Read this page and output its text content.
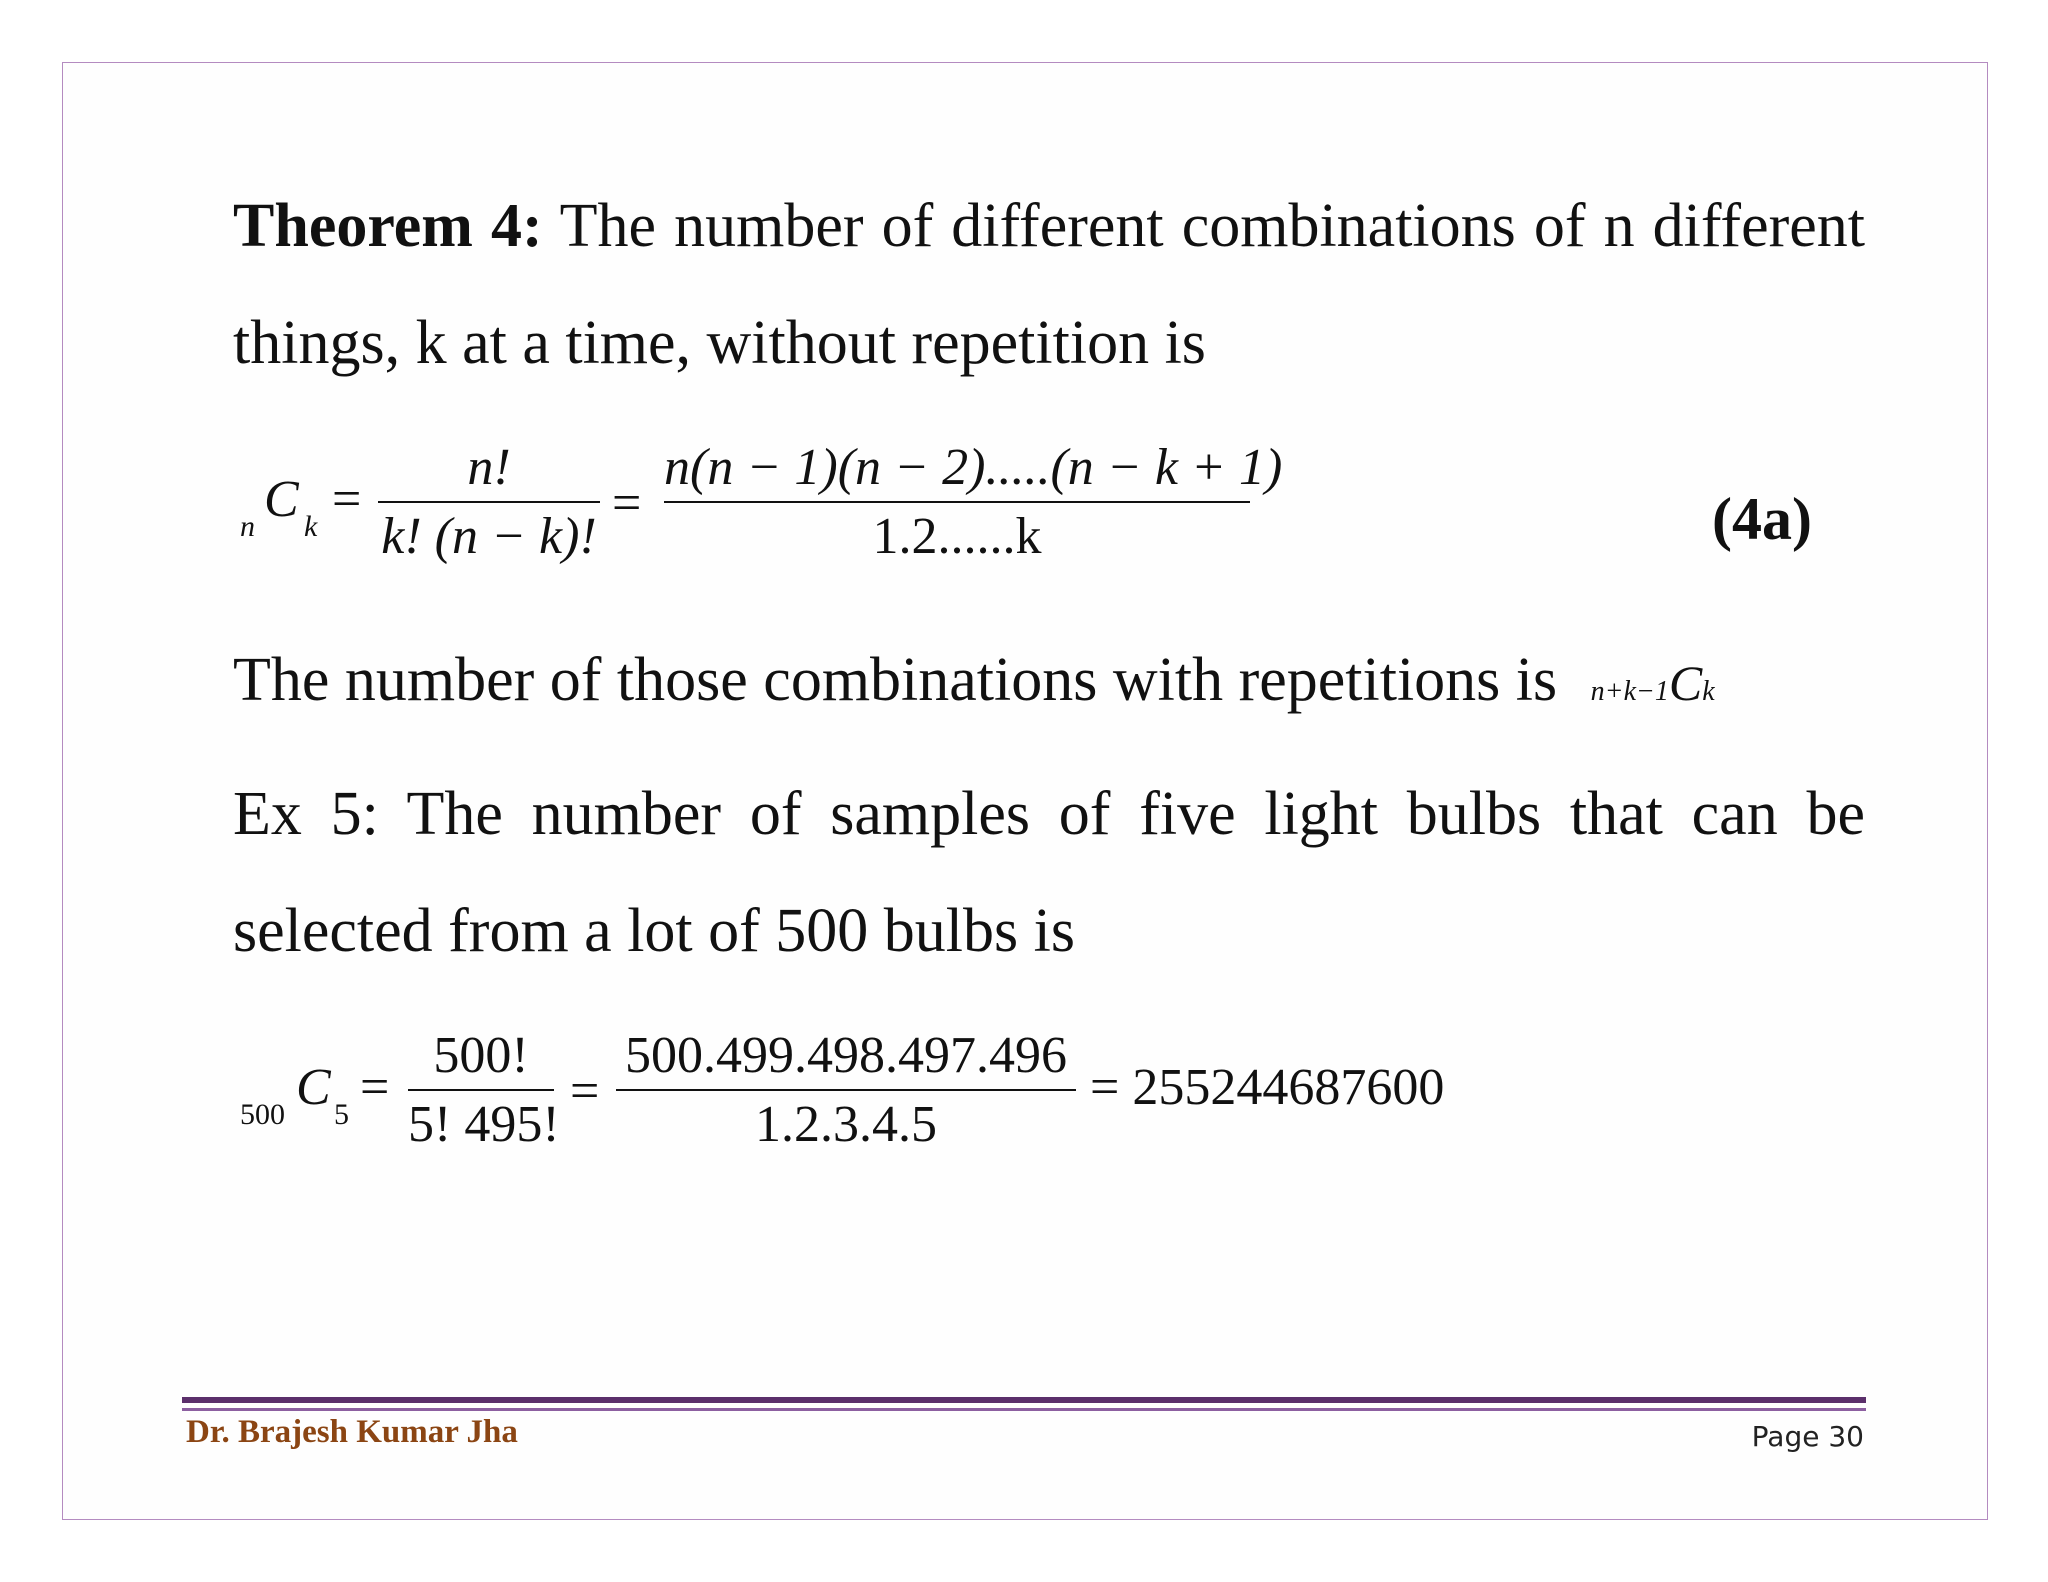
Theorem 4: The number of different combinations of n different things, k at a time, without repetition is
n C k =
n!
k! (n − k)!
=
n(n − 1)(n − 2).....(n − k + 1)
1.2......k	(4a)
The number of those combinations with repetitions is n+k−1Ck
Ex 5: The number of samples of five light bulbs that can be selected from a lot of 500 bulbs is
500 C 5 =
500!
5! 495!
=
500.499.498.497.496
1.2.3.4.5
= 255244687600
Dr. Brajesh Kumar Jha	Page 30
